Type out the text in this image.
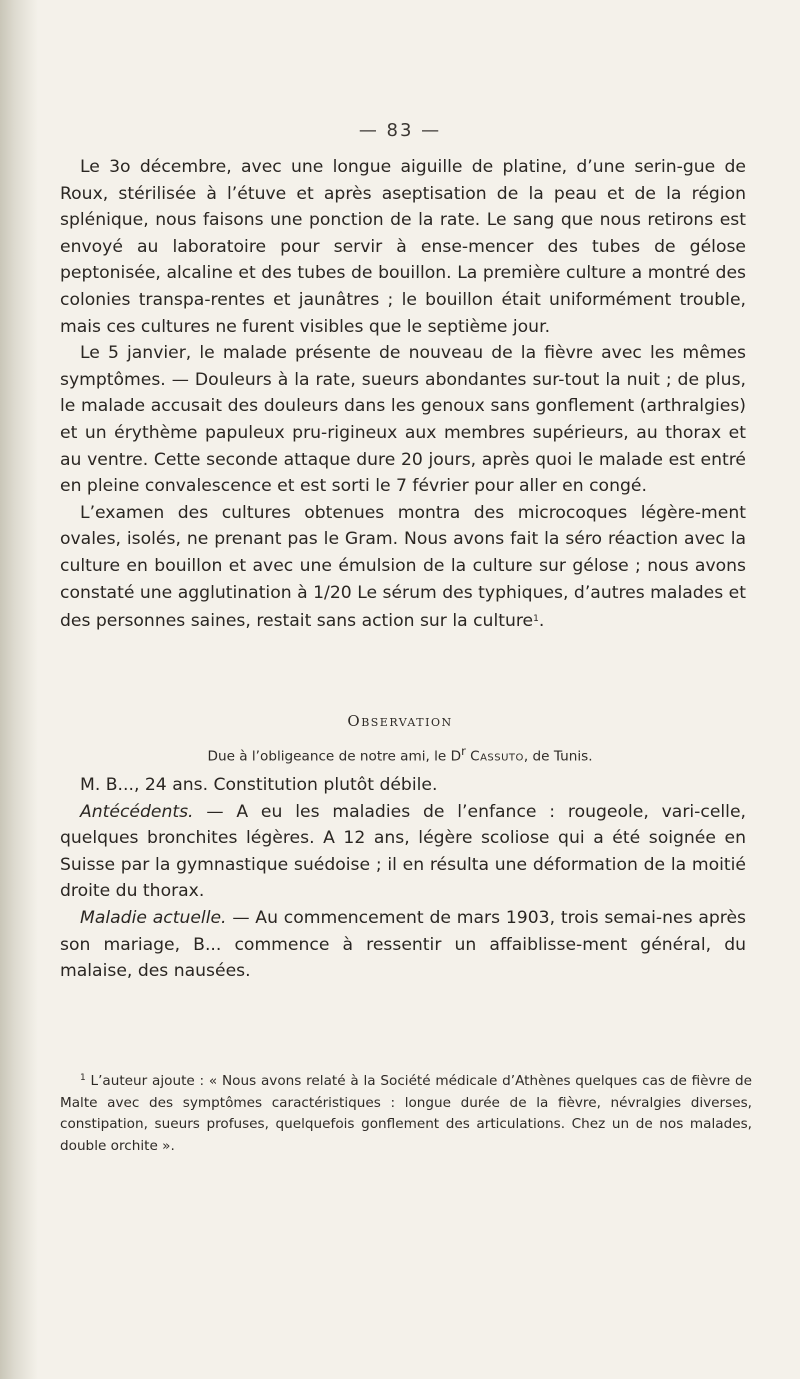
— 83 —

Le 3o décembre, avec une longue aiguille de platine, d’une serin-gue de Roux, stérilisée à l’étuve et après aseptisation de la peau et de la région splénique, nous faisons une ponction de la rate. Le sang que nous retirons est envoyé au laboratoire pour servir à ense-mencer des tubes de gélose peptonisée, alcaline et des tubes de bouillon. La première culture a montré des colonies transpa-rentes et jaunâtres ; le bouillon était uniformément trouble, mais ces cultures ne furent visibles que le septième jour.

Le 5 janvier, le malade présente de nouveau de la fièvre avec les mêmes symptômes. — Douleurs à la rate, sueurs abondantes sur-tout la nuit ; de plus, le malade accusait des douleurs dans les genoux sans gonflement (arthralgies) et un érythème papuleux pru-rigineux aux membres supérieurs, au thorax et au ventre. Cette seconde attaque dure 20 jours, après quoi le malade est entré en pleine convalescence et est sorti le 7 février pour aller en congé.

L’examen des cultures obtenues montra des microcoques légère-ment ovales, isolés, ne prenant pas le Gram. Nous avons fait la séro réaction avec la culture en bouillon et avec une émulsion de la culture sur gélose ; nous avons constaté une agglutination à 1/20 Le sérum des typhiques, d’autres malades et des personnes saines, restait sans action sur la culture$^1$.

Observation
Due à l’obligeance de notre ami, le $D^r$ Cassuto, de Tunis.

M. B..., 24 ans. Constitution plutôt débile.

Antécédents. — A eu les maladies de l’enfance : rougeole, vari-celle, quelques bronchites légères. A 12 ans, légère scoliose qui a été soignée en Suisse par la gymnastique suédoise ; il en résulta une déformation de la moitié droite du thorax.

Maladie actuelle. — Au commencement de mars 1903, trois semai-nes après son mariage, B... commence à ressentir un affaiblisse-ment général, du malaise, des nausées.

$^1$ L’auteur ajoute : « Nous avons relaté à la Société médicale d’Athènes quelques cas de fièvre de Malte avec des symptômes caractéristiques : longue durée de la fièvre, névralgies diverses, constipation, sueurs profuses, quelquefois gonflement des articulations. Chez un de nos malades, double orchite ».
